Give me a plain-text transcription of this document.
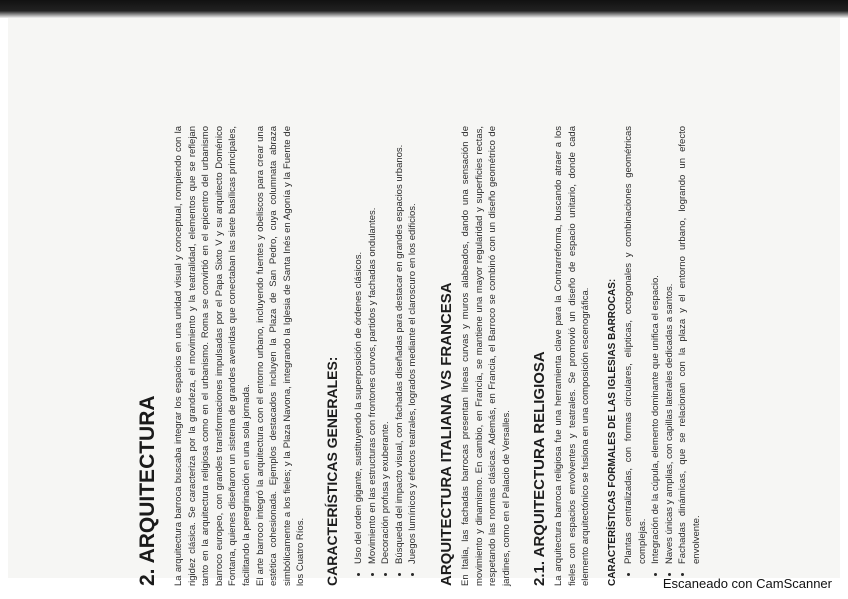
2. ARQUITECTURA La arquitectura barroca buscaba integrar los espacios en una unidad visual y conceptual, rompiendo con la rigidez clásica. Se caracteriza por la grandeza, el movimiento y la teatralidad, elementos que se reflejan tanto en la arquitectura religiosa como en el urbanismo. Roma se convirtió en el epicentro del urbanismo barroco europeo, con grandes transformaciones impulsadas por el Papa Sixto V y su arquitecto Doménico Fontana, quienes diseñaron un sistema de grandes avenidas que conectaban las siete basílicas principales, facilitando la peregrinación en una sola jornada. El arte barroco integró la arquitectura con el entorno urbano, incluyendo fuentes y obeliscos para crear una estética cohesionada. Ejemplos destacados incluyen la Plaza de San Pedro, cuya columnata abraza simbólicamente a los fieles; y la Plaza Navona, integrando la Iglesia de Santa Inés en Agonía y la Fuente de los Cuatro Ríos. CARACTERÍSTICAS GENERALES: • Uso del orden gigante, sustituyendo la superposición de órdenes clásicos. • Movimiento en las estructuras con frontones curvos, partidos y fachadas ondulantes. • Decoración profusa y exuberante. • Búsqueda del impacto visual, con fachadas diseñadas para destacar en grandes espacios urbanos. • Juegos lumínicos y efectos teatrales, logrados mediante el claroscuro en los edificios. ARQUITECTURA ITALIANA VS FRANCESA En Italia, las fachadas barrocas presentan líneas curvas y muros alabeados, dando una sensación de movimiento y dinamismo. En cambio, en Francia, se mantiene una mayor regularidad y superficies rectas, respetando las normas clásicas. Además, en Francia, el Barroco se combinó con un diseño geométrico de jardines, como en el Palacio de Versalles. 2.1. ARQUITECTURA RELIGIOSA La arquitectura barroca religiosa fue una herramienta clave para la Contrarreforma, buscando atraer a los fieles con espacios envolventes y teatrales. Se promovió un diseño de espacio unitario, donde cada elemento arquitectónico se fusiona en una composición escenográfica. CARACTERÍSTICAS FORMALES DE LAS IGLESIAS BARROCAS: • Plantas centralizadas, con formas circulares, elípticas, octogonales y combinaciones geométricas complejas. • Integración de la cúpula, elemento dominante que unifica el espacio. • Naves únicas y amplias, con capillas laterales dedicadas a santos. • Fachadas dinámicas, que se relacionan con la plaza y el entorno urbano, logrando un efecto envolvente.
Escaneado con CamScanner
